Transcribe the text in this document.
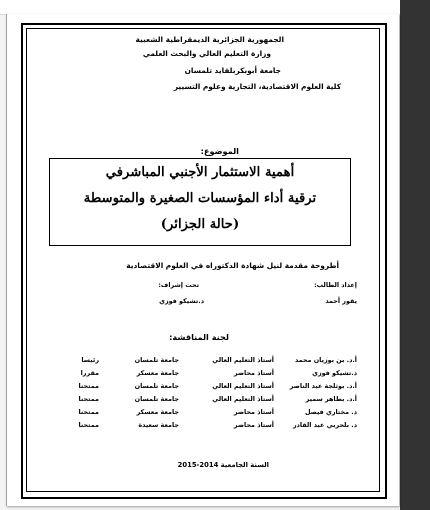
الجمهورية الجزائرية الديمقراطية الشعبية
وزارة التعليم العالي والبحث العلمي
جامعة أبوبكربلقايد تلمسان
كلية العلوم الاقتصادية، التجارية وعلوم التسيير
الموضوع:
أهمية الاستثمار الأجنبي المباشرفي
ترقية أداء المؤسسات الصغيرة والمتوسطة
(حالة الجزائر)
أطروحة مقدمة لنيل شهادة الدكتوراه في العلوم الاقتصادية
إعداد الطالب:
يقور أحمد
تحت إشراف:
د.تشيكو فوزي
لجنة المناقشة:
أ.د. بن بوزيان محمد
أستاذ التعليم العالي
جامعة تلمسان
رئيسا
د.تشيكو فوزي
أستاذ محاضر
جامعة معسكر
مقررا
أ.د. بوثلجة عبد الناصر
أستاذ التعليم العالي
جامعة تلمسان
ممتحنا
أ.د. بطاهر سمير
أستاذ التعليم العالي
جامعة تلمسان
ممتحنا
د. مختاري فيصل
أستاذ محاضر
جامعة معسكر
ممتحنا
د. بلحربي عبد القادر
أستاذ محاضر
جامعة سعيدة
ممتحنا
السنة الجامعية 2014-2015
